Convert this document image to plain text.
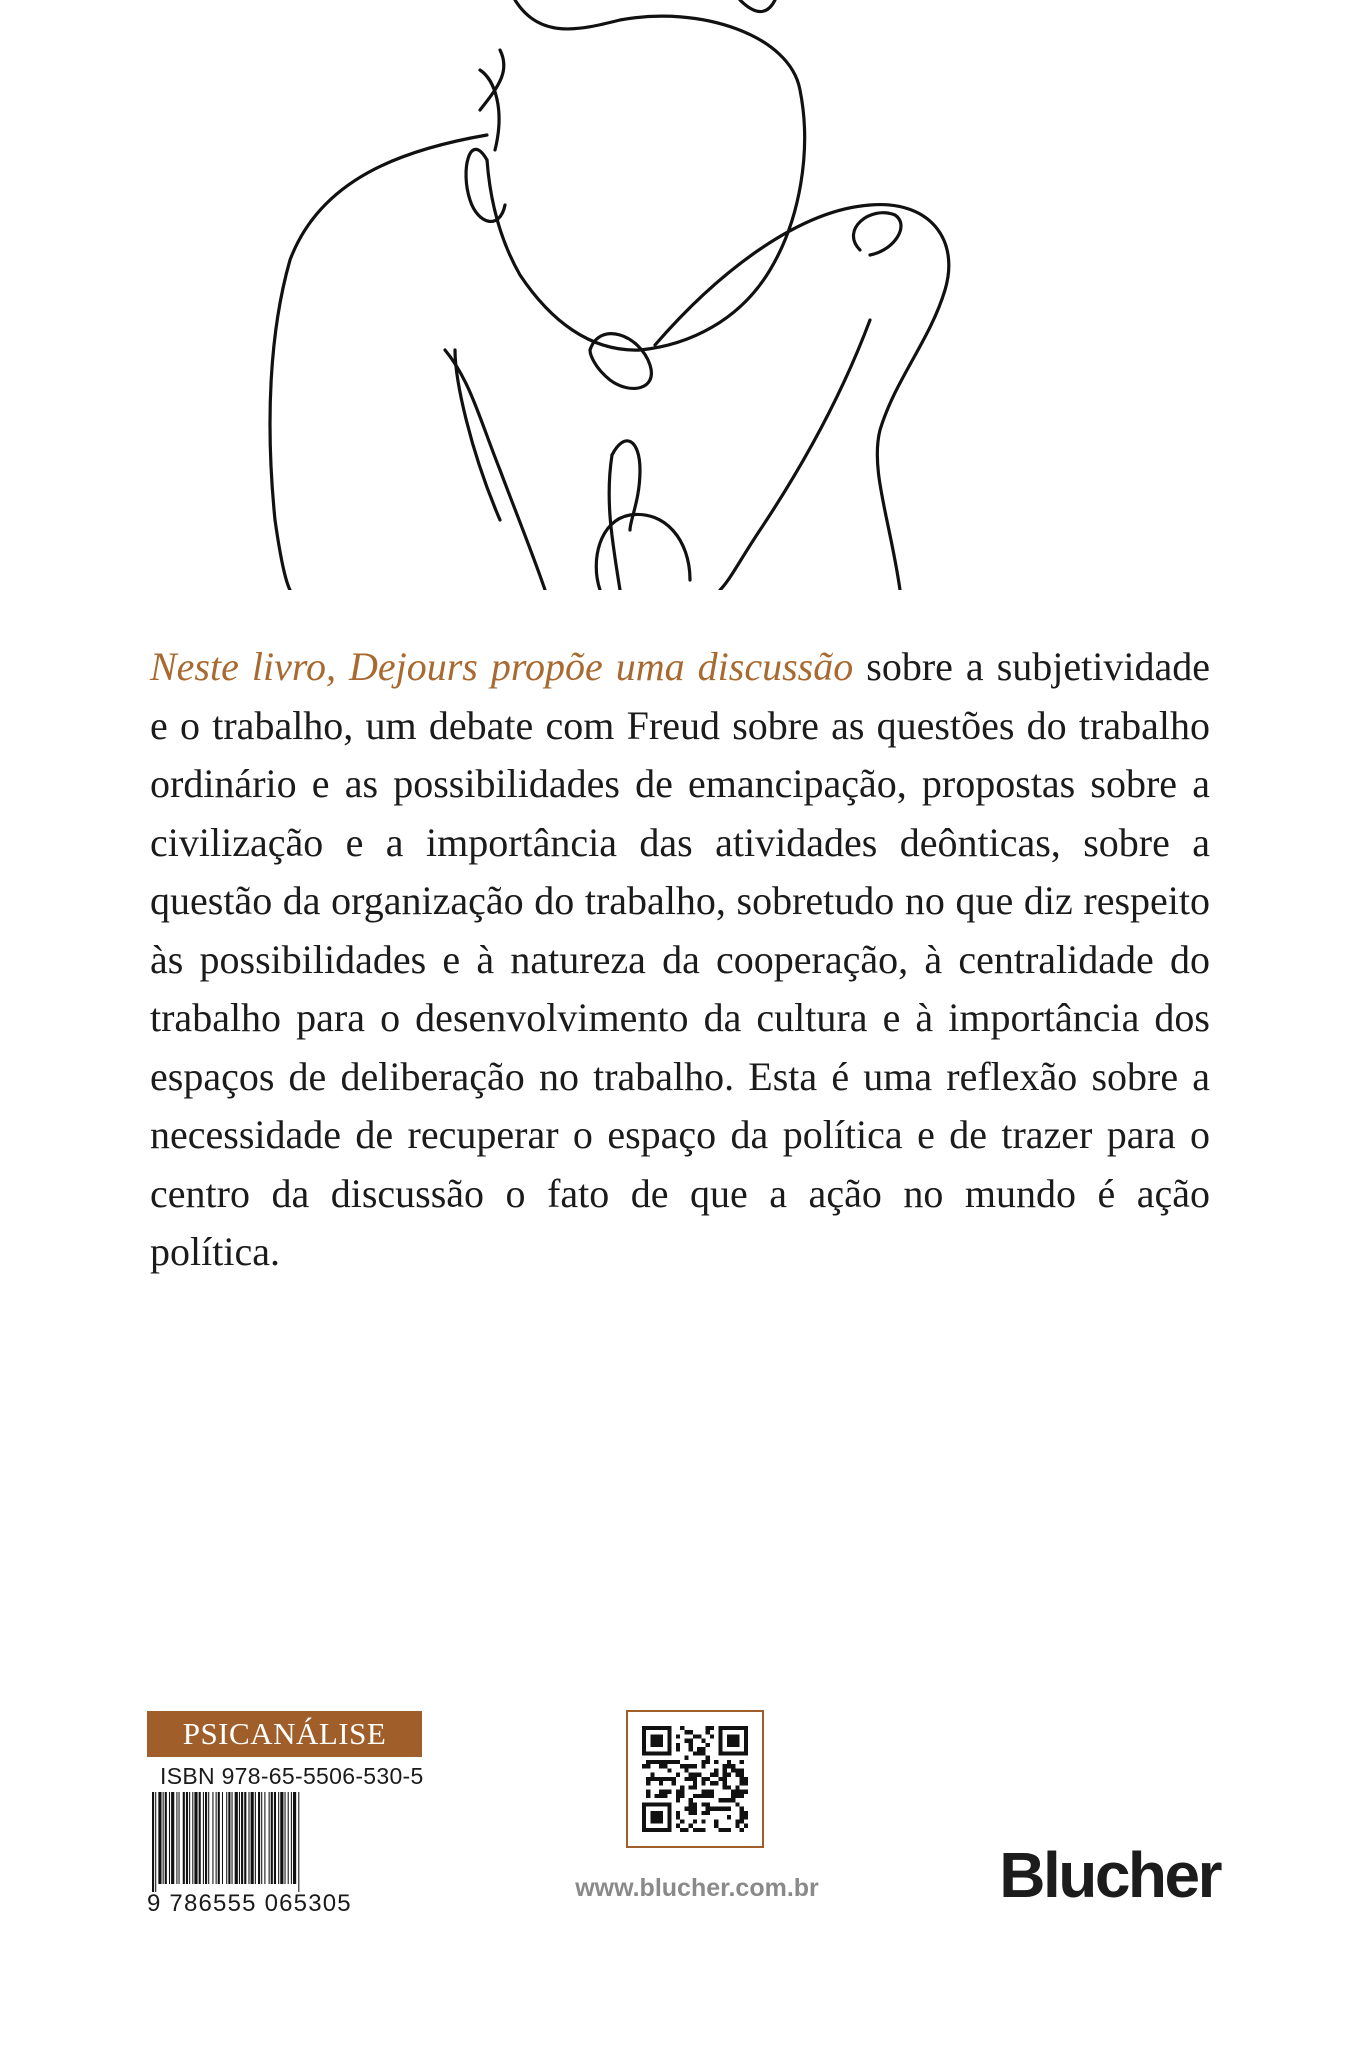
Neste livro, Dejours propõe uma discussão sobre a subjetividade e o trabalho, um debate com Freud sobre as questões do trabalho ordinário e as possibilidades de emancipação, propostas sobre a civilização e a importância das atividades deônticas, sobre a questão da organização do trabalho, sobretudo no que diz respeito às possibilidades e à natureza da cooperação, à centralidade do trabalho para o desenvolvimento da cultura e à importância dos espaços de deliberação no trabalho. Esta é uma reflexão sobre a necessidade de recuperar o espaço da política e de trazer para o centro da discussão o fato de que a ação no mundo é ação política.

PSICANÁLISE
ISBN 978-65-5506-530-5
9 786555 065305
www.blucher.com.br	Blucher
